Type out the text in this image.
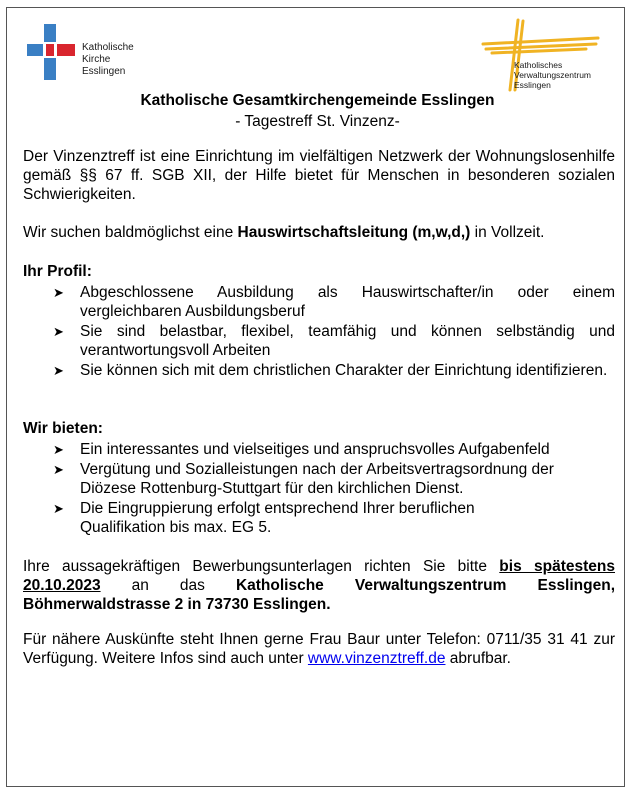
Katholische
Kirche
Esslingen
Katholisches
Verwaltungszentrum
Esslingen
Katholische Gesamtkirchengemeinde Esslingen
- Tagestreff St. Vinzenz-
Der Vinzenztreff ist eine Einrichtung im vielfältigen Netzwerk der Wohnungslosenhilfe gemäß §§ 67 ff. SGB XII, der Hilfe bietet für Menschen in besonderen sozialen Schwierigkeiten.
Wir suchen baldmöglichst eine Hauswirtschaftsleitung (m,w,d,) in Vollzeit.
Ihr Profil:
➤ Abgeschlossene Ausbildung als Hauswirtschafter/in oder einem vergleichbaren Ausbildungsberuf
➤ Sie sind belastbar, flexibel, teamfähig und können selbständig und verantwortungsvoll Arbeiten
➤ Sie können sich mit dem christlichen Charakter der Einrichtung identifizieren.
Wir bieten:
➤ Ein interessantes und vielseitiges und anspruchsvolles Aufgabenfeld
➤ Vergütung und Sozialleistungen nach der Arbeitsvertragsordnung der Diözese Rottenburg-Stuttgart für den kirchlichen Dienst.
➤ Die Eingruppierung erfolgt entsprechend Ihrer beruflichen Qualifikation bis max. EG 5.
Ihre aussagekräftigen Bewerbungsunterlagen richten Sie bitte bis spätestens 20.10.2023 an das Katholische Verwaltungszentrum Esslingen, Böhmerwaldstrasse 2 in 73730 Esslingen.
Für nähere Auskünfte steht Ihnen gerne Frau Baur unter Telefon: 0711/35 31 41 zur Verfügung. Weitere Infos sind auch unter www.vinzenztreff.de abrufbar.
